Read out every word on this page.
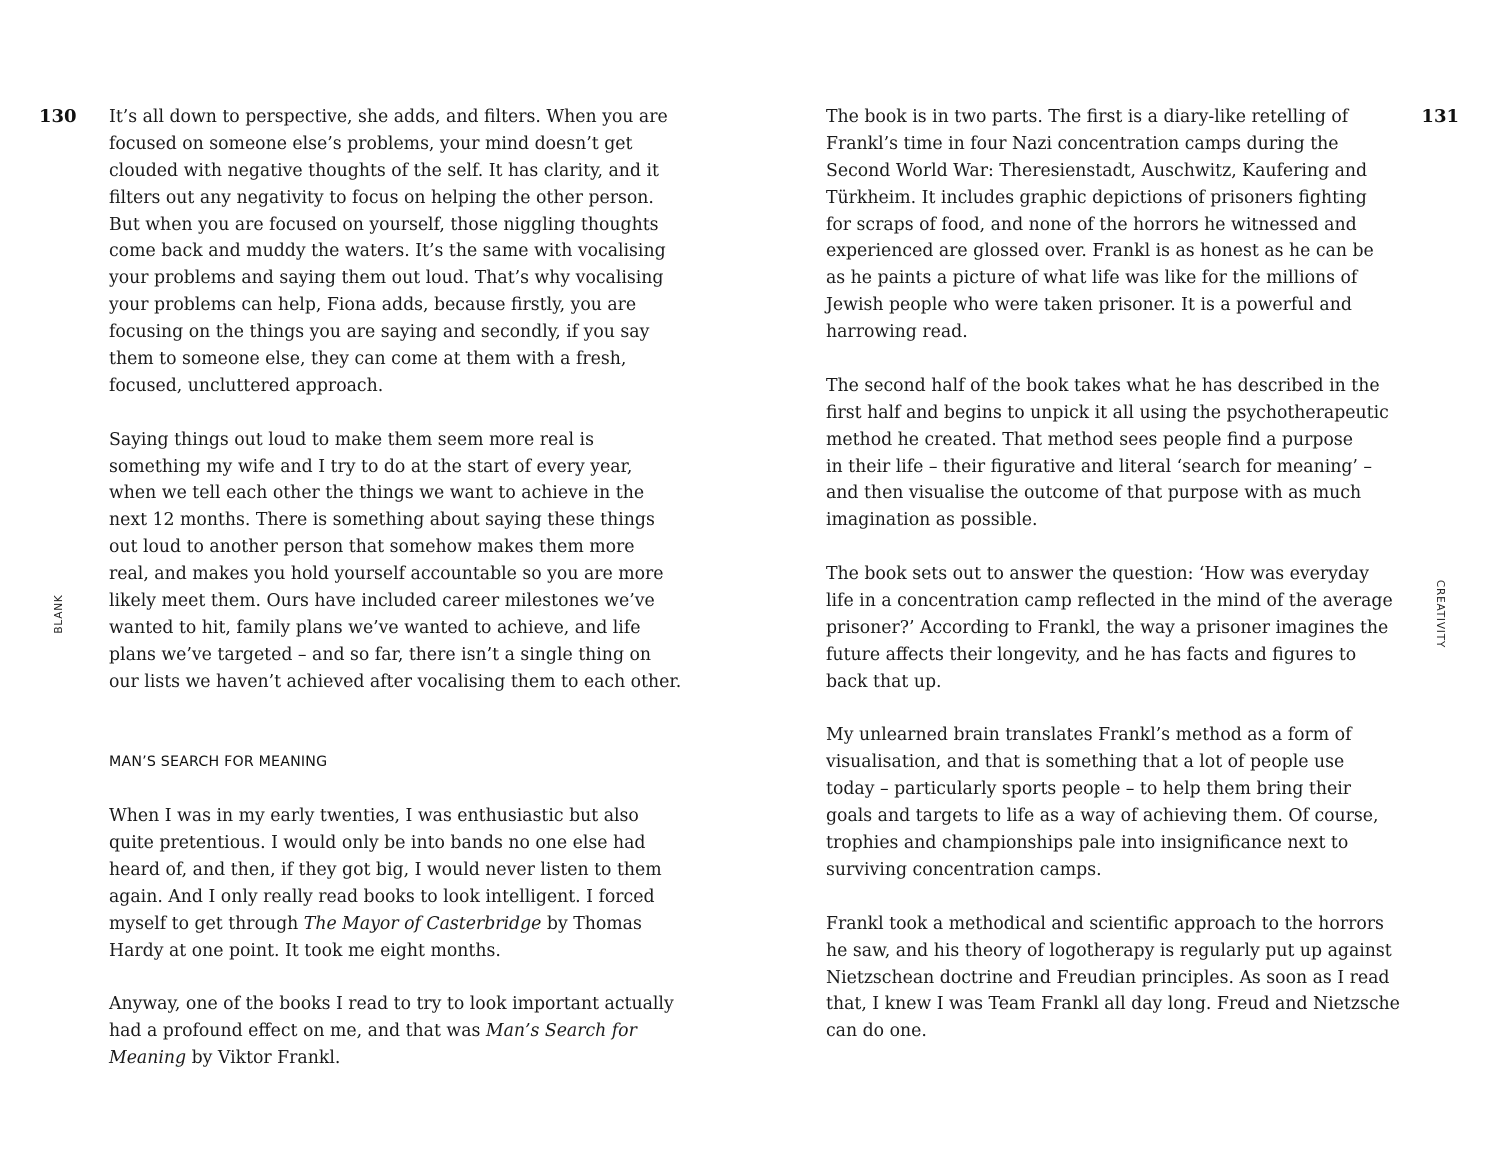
130
BLANK
It’s all down to perspective, she adds, and filters. When you are
focused on someone else’s problems, your mind doesn’t get
clouded with negative thoughts of the self. It has clarity, and it
filters out any negativity to focus on helping the other person.
But when you are focused on yourself, those niggling thoughts
come back and muddy the waters. It’s the same with vocalising
your problems and saying them out loud. That’s why vocalising
your problems can help, Fiona adds, because firstly, you are
focusing on the things you are saying and secondly, if you say
them to someone else, they can come at them with a fresh,
focused, uncluttered approach.
Saying things out loud to make them seem more real is
something my wife and I try to do at the start of every year,
when we tell each other the things we want to achieve in the
next 12 months. There is something about saying these things
out loud to another person that somehow makes them more
real, and makes you hold yourself accountable so you are more
likely meet them. Ours have included career milestones we’ve
wanted to hit, family plans we’ve wanted to achieve, and life
plans we’ve targeted – and so far, there isn’t a single thing on
our lists we haven’t achieved after vocalising them to each other.
MAN’S SEARCH FOR MEANING
When I was in my early twenties, I was enthusiastic but also
quite pretentious. I would only be into bands no one else had
heard of, and then, if they got big, I would never listen to them
again. And I only really read books to look intelligent. I forced
myself to get through The Mayor of Casterbridge by Thomas
Hardy at one point. It took me eight months.
Anyway, one of the books I read to try to look important actually
had a profound effect on me, and that was Man’s Search for
Meaning by Viktor Frankl.
131
CREATIVITY
The book is in two parts. The first is a diary-like retelling of
Frankl’s time in four Nazi concentration camps during the
Second World War: Theresienstadt, Auschwitz, Kaufering and
Türkheim. It includes graphic depictions of prisoners fighting
for scraps of food, and none of the horrors he witnessed and
experienced are glossed over. Frankl is as honest as he can be
as he paints a picture of what life was like for the millions of
Jewish people who were taken prisoner. It is a powerful and
harrowing read.
The second half of the book takes what he has described in the
first half and begins to unpick it all using the psychotherapeutic
method he created. That method sees people find a purpose
in their life – their figurative and literal ‘search for meaning’ –
and then visualise the outcome of that purpose with as much
imagination as possible.
The book sets out to answer the question: ‘How was everyday
life in a concentration camp reflected in the mind of the average
prisoner?’ According to Frankl, the way a prisoner imagines the
future affects their longevity, and he has facts and figures to
back that up.
My unlearned brain translates Frankl’s method as a form of
visualisation, and that is something that a lot of people use
today – particularly sports people – to help them bring their
goals and targets to life as a way of achieving them. Of course,
trophies and championships pale into insignificance next to
surviving concentration camps.
Frankl took a methodical and scientific approach to the horrors
he saw, and his theory of logotherapy is regularly put up against
Nietzschean doctrine and Freudian principles. As soon as I read
that, I knew I was Team Frankl all day long. Freud and Nietzsche
can do one.
